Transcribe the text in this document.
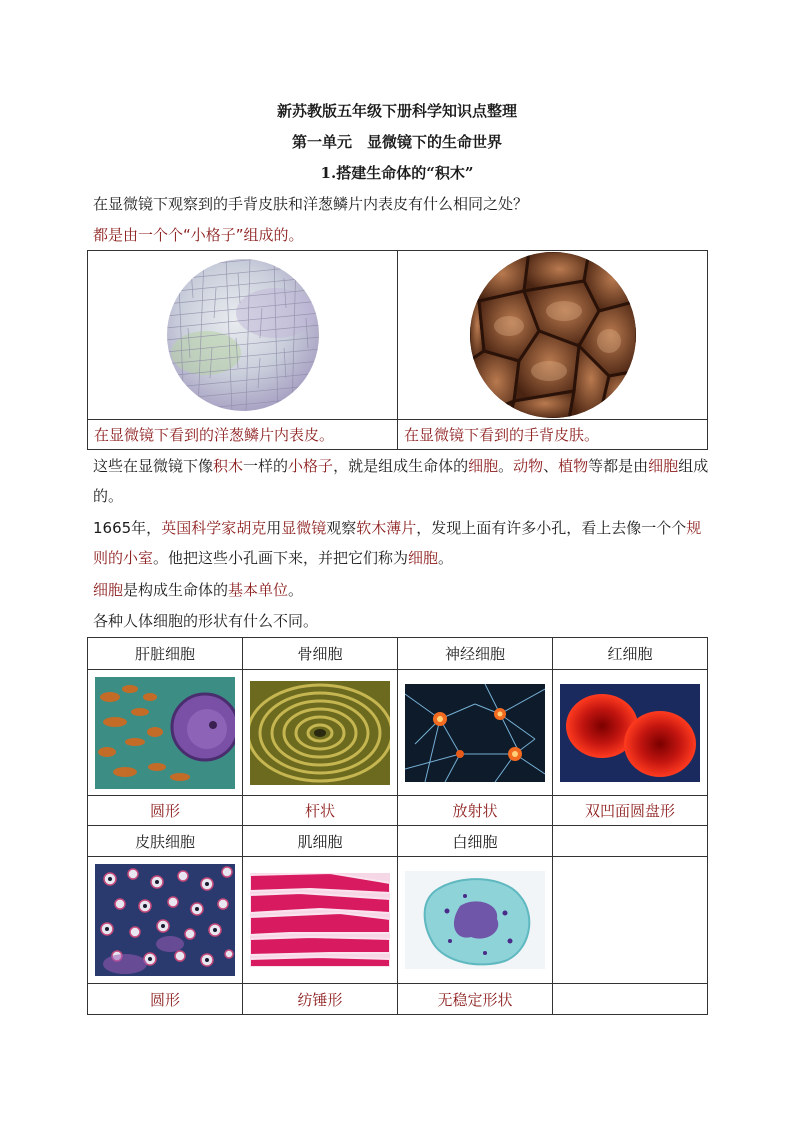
新苏教版五年级下册科学知识点整理
第一单元　显微镜下的生命世界
1.搭建生命体的“积木”
在显微镜下观察到的手背皮肤和洋葱鳞片内表皮有什么相同之处？
都是由一个个“小格子”组成的。

在显微镜下看到的洋葱鳞片内表皮。	在显微镜下看到的手背皮肤。
这些在显微镜下像积木一样的小格子，就是组成生命体的细胞。动物、植物等都是由细胞组成的。
1665年，英国科学家胡克用显微镜观察软木薄片，发现上面有许多小孔，看上去像一个个规则的小室。他把这些小孔画下来，并把它们称为细胞。
细胞是构成生命体的基本单位。
各种人体细胞的形状有什么不同。
肝脏细胞	骨细胞	神经细胞	红细胞

圆形	杆状	放射状	双凹面圆盘形
皮肤细胞	肌细胞	白细胞	

圆形	纺锤形	无稳定形状	
